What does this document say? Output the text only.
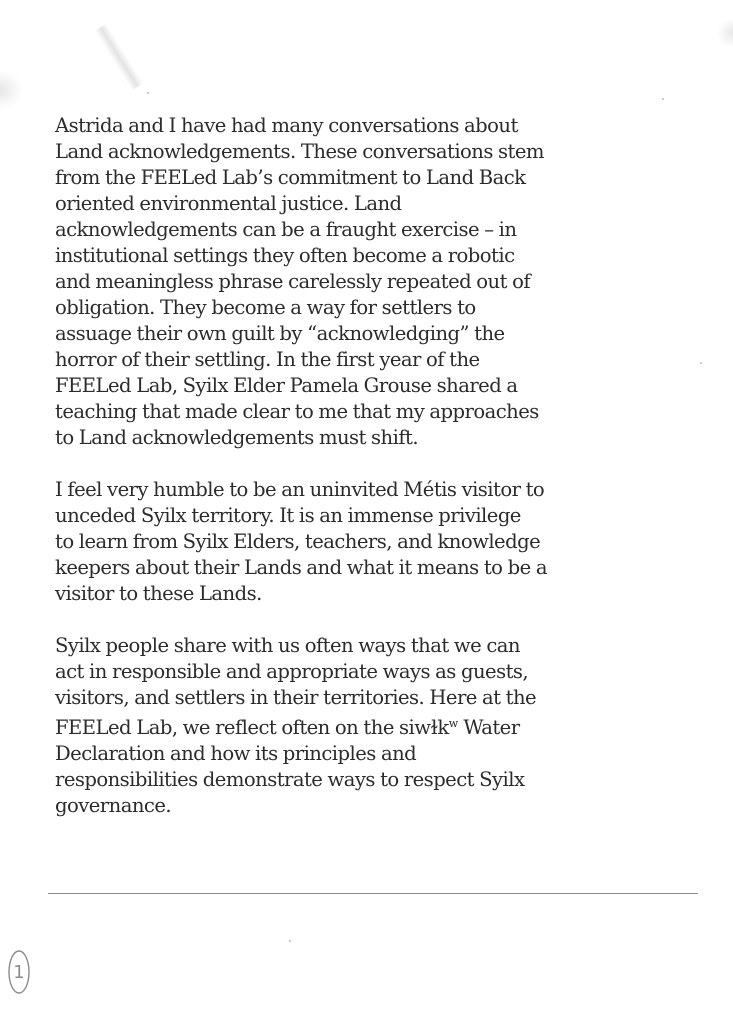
Astrida and I have had many conversations about
Land acknowledgements. These conversations stem
from the FEELed Lab’s commitment to Land Back
oriented environmental justice. Land
acknowledgements can be a fraught exercise – in
institutional settings they often become a robotic
and meaningless phrase carelessly repeated out of
obligation. They become a way for settlers to
assuage their own guilt by “acknowledging” the
horror of their settling. In the first year of the
FEELed Lab, Syilx Elder Pamela Grouse shared a
teaching that made clear to me that my approaches
to Land acknowledgements must shift.

I feel very humble to be an uninvited Métis visitor to
unceded Syilx territory. It is an immense privilege
to learn from Syilx Elders, teachers, and knowledge
keepers about their Lands and what it means to be a
visitor to these Lands.

Syilx people share with us often ways that we can
act in responsible and appropriate ways as guests,
visitors, and settlers in their territories. Here at the
FEELed Lab, we reflect often on the siwɫk$^w$ Water
Declaration and how its principles and
responsibilities demonstrate ways to respect Syilx
governance.

1
